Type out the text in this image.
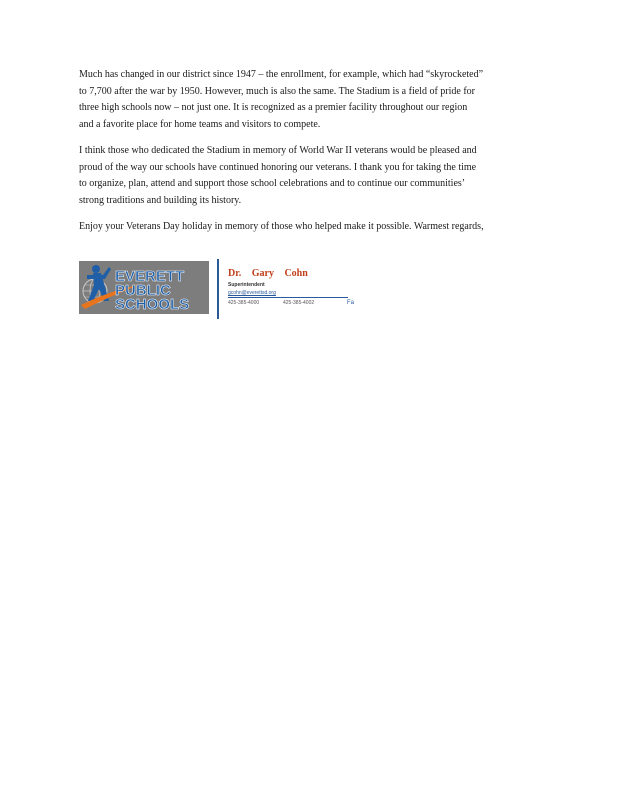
Much has changed in our district since 1947 – the enrollment, for example, which had “skyrocketed”
to 7,700 after the war by 1950. However, much is also the same. The Stadium is a field of pride for
three high schools now – not just one. It is recognized as a premier facility throughout our region
and a favorite place for home teams and visitors to compete.

I think those who dedicated the Stadium in memory of World War II veterans would be pleased and
proud of the way our schools have continued honoring our veterans. I thank you for taking the time
to organize, plan, attend and support those school celebrations and to continue our communities’
strong traditions and building its history.

Enjoy your Veterans Day holiday in memory of those who helped make it possible. Warmest regards,

EVERETT
PUBLIC
SCHOOLS
Dr. Gary Cohn
Superintendent
gcohn@everettsd.org
425-385-4000	425-385-4002	Fa
